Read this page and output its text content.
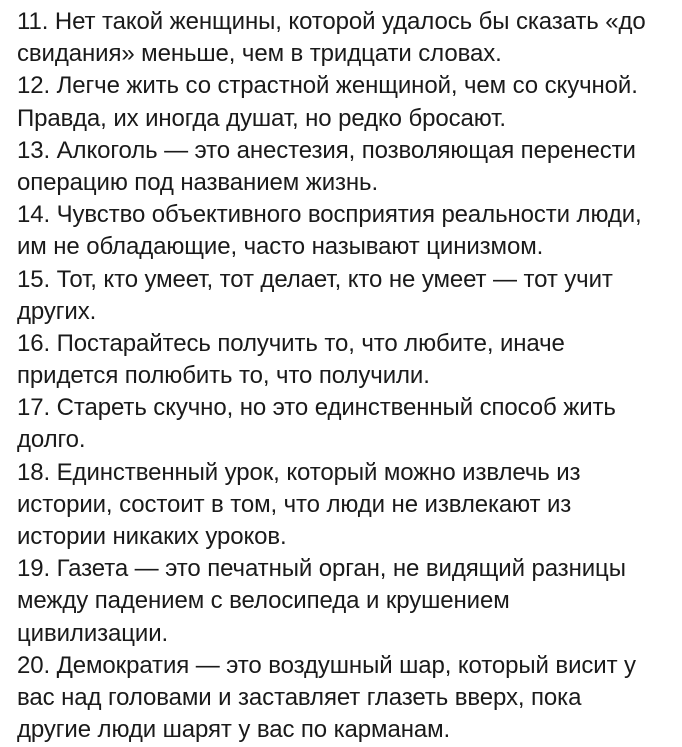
11. Нет такой женщины, которой удалось бы сказать «до
свидания» меньше, чем в тридцати словах.
12. Легче жить со страстной женщиной, чем со скучной.
Правда, их иногда душат, но редко бросают.
13. Алкоголь — это анестезия, позволяющая перенести
операцию под названием жизнь.
14. Чувство объективного восприятия реальности люди,
им не обладающие, часто называют цинизмом.
15. Тот, кто умеет, тот делает, кто не умеет — тот учит
других.
16. Постарайтесь получить то, что любите, иначе
придется полюбить то, что получили.
17. Стареть скучно, но это единственный способ жить
долго.
18. Единственный урок, который можно извлечь из
истории, состоит в том, что люди не извлекают из
истории никаких уроков.
19. Газета — это печатный орган, не видящий разницы
между падением с велосипеда и крушением
цивилизации.
20. Демократия — это воздушный шар, который висит у
вас над головами и заставляет глазеть вверх, пока
другие люди шарят у вас по карманам.
